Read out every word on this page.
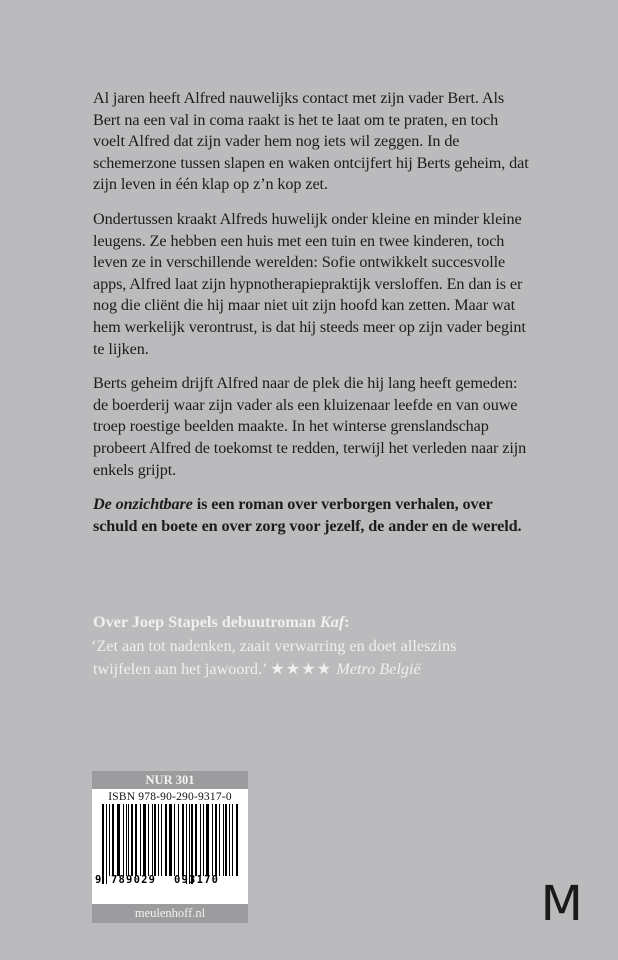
Al jaren heeft Alfred nauwelijks contact met zijn vader Bert. Als Bert na een val in coma raakt is het te laat om te praten, en toch voelt Alfred dat zijn vader hem nog iets wil zeggen. In de schemerzone tussen slapen en waken ontcijfert hij Berts geheim, dat zijn leven in één klap op z’n kop zet.

Ondertussen kraakt Alfreds huwelijk onder kleine en minder kleine leugens. Ze hebben een huis met een tuin en twee kinderen, toch leven ze in verschillende werelden: Sofie ontwikkelt succesvolle apps, Alfred laat zijn hypnotherapiepraktijk versloffen. En dan is er nog die cliënt die hij maar niet uit zijn hoofd kan zetten. Maar wat hem werkelijk verontrust, is dat hij steeds meer op zijn vader begint te lijken.

Berts geheim drijft Alfred naar de plek die hij lang heeft gemeden: de boerderij waar zijn vader als een kluizenaar leefde en van ouwe troep roestige beelden maakte. In het winterse grenslandschap probeert Alfred de toekomst te redden, terwijl het verleden naar zijn enkels grijpt.

De onzichtbare is een roman over verborgen verhalen, over schuld en boete en over zorg voor jezelf, de ander en de wereld.

Over Joep Stapels debuutroman Kaf:
‘Zet aan tot nadenken, zaait verwarring en doet alleszins
twijfelen aan het jawoord.’ ★★★★ Metro België
NUR 301
ISBN 978-90-290-9317-0
9 789029 093170
meulenhoff.nl	M
